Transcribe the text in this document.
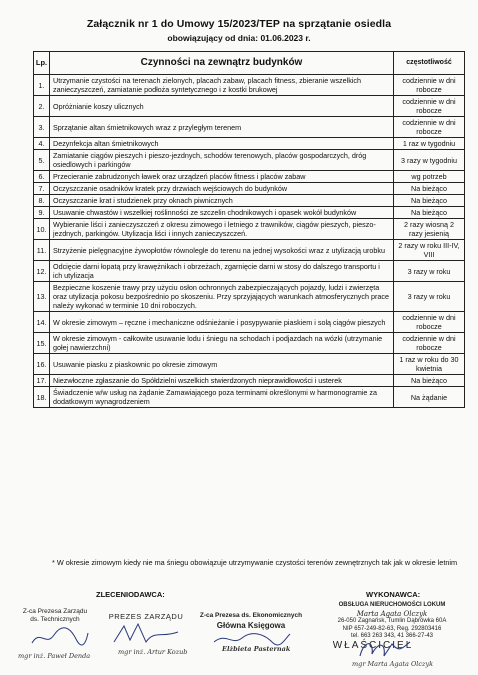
Załącznik nr 1 do Umowy 15/2023/TEP na sprzątanie osiedla
obowiązujący od dnia: 01.06.2023 r.
Lp.	Czynności na zewnątrz budynków	częstotliwość
1.	Utrzymanie czystości na terenach zielonych, placach zabaw, placach fitness, zbieranie wszelkich zanieczyszczeń, zamiatanie podłoża syntetycznego i z kostki brukowej	codziennie w dni robocze
2.	Opróżnianie koszy ulicznych	codziennie w dni robocze
3.	Sprzątanie altan śmietnikowych wraz z przyległym terenem	codziennie w dni robocze
4.	Dezynfekcja altan śmietnikowych	1 raz w tygodniu
5.	Zamiatanie ciągów pieszych i pieszo-jezdnych, schodów terenowych, placów gospodarczych, dróg osiedlowych i parkingów	3 razy w tygodniu
6.	Przecieranie zabrudzonych ławek oraz urządzeń placów fitness i placów zabaw	wg potrzeb
7.	Oczyszczanie osadników kratek przy drzwiach wejściowych do budynków	Na bieżąco
8.	Oczyszczanie krat i studzienek przy oknach piwnicznych	Na bieżąco
9.	Usuwanie chwastów i wszelkiej roślinności ze szczelin chodnikowych i opasek wokół budynków	Na bieżąco
10.	Wybieranie liści i zanieczyszczeń z okresu zimowego i letniego z trawników, ciągów pieszych, pieszo-jezdnych, parkingów. Utylizacja liści i innych zanieczyszczeń.	2 razy wiosną 2 razy jesienią
11.	Strzyżenie pielęgnacyjne żywopłotów równolegle do terenu na jednej wysokości wraz z utylizacją urobku	2 razy w roku III-IV, VIII
12.	Odcięcie darni łopatą przy krawężnikach i obrzeżach, zgarnięcie darni w stosy do dalszego transportu i ich utylizacja	3 razy w roku
13.	Bezpieczne koszenie trawy przy użyciu osłon ochronnych zabezpieczających pojazdy, ludzi i zwierzęta oraz utylizacja pokosu bezpośrednio po skoszeniu. Przy sprzyjających warunkach atmosferycznych prace należy wykonać w terminie 10 dni roboczych.	3 razy w roku
14.	W okresie zimowym – ręczne i mechaniczne odśnieżanie i posypywanie piaskiem i solą ciągów pieszych	codziennie w dni robocze
15.	W okresie zimowym - całkowite usuwanie lodu i śniegu na schodach i podjazdach na wózki (utrzymanie gołej nawierzchni)	codziennie w dni robocze
16.	Usuwanie piasku z piaskownic po okresie zimowym	1 raz w roku do 30 kwietnia
17.	Niezwłoczne zgłaszanie do Spółdzielni wszelkich stwierdzonych nieprawidłowości i usterek	Na bieżąco
18.	Świadczenie w/w usług na żądanie Zamawiającego poza terminami określonymi w harmonogramie za dodatkowym wynagrodzeniem	Na żądanie
* W okresie zimowym kiedy nie ma śniegu obowiązuje utrzymywanie czystości terenów zewnętrznych tak jak w okresie letnim
ZLECENIODAWCA:	WYKONAWCA:
Z-ca Prezesa Zarządu
ds. Technicznych
mgr inż. Paweł Denda
PREZES ZARZĄDU
mgr inż. Artur Kozub
Z-ca Prezesa ds. Ekonomicznych
Główna Księgowa
Elżbieta Pasternak
OBSŁUGA NIERUCHOMOŚCI LOKUM
Marta Agata Olczyk
26-050 Zagnańsk, Tumlin Dąbrówka 60A
NIP 657-249-82-63, Reg. 292803416
tel. 663 263 343, 41 366-27-43
WŁAŚCICIEL
mgr Marta Agata Olczyk
